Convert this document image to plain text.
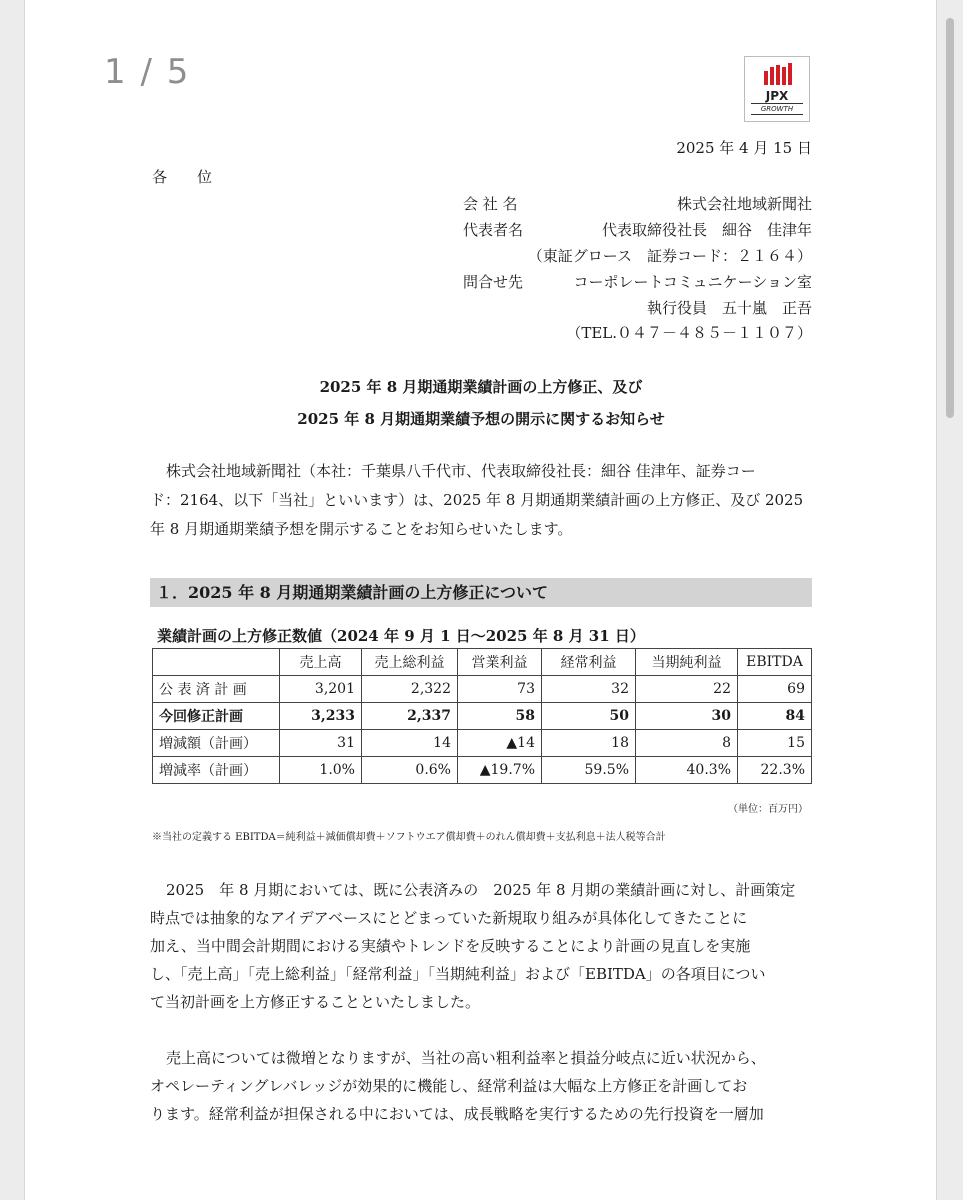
1 / 5
JPX
GROWTH
2025 年 4 月 15 日
各　　位
会 社 名	株式会社地域新聞社
代表者名	代表取締役社長　細谷　佳津年
（東証グロース　証券コード：２１６４）
問合せ先	コーポレートコミュニケーション室
執行役員　五十嵐　正吾
（TEL.０４７－４８５－１１０７）
2025 年 8 月期通期業績計画の上方修正、及び
2025 年 8 月期通期業績予想の開示に関するお知らせ
株式会社地域新聞社（本社：千葉県八千代市、代表取締役社長：細谷 佳津年、証券コー
ド：2164、以下「当社」といいます）は、2025 年 8 月期通期業績計画の上方修正、及び 2025
年 8 月期通期業績予想を開示することをお知らせいたします。
１．2025 年 8 月期通期業績計画の上方修正について
業績計画の上方修正数値（2024 年 9 月 1 日～2025 年 8 月 31 日）
	売上高	売上総利益	営業利益	経常利益	当期純利益	EBITDA
公 表 済 計 画	3,201	2,322	73	32	22	69
今回修正計画	3,233	2,337	58	50	30	84
増減額（計画）	31	14	▲14	18	8	15
増減率（計画）	1.0%	0.6%	▲19.7%	59.5%	40.3%	22.3%
（単位：百万円）
※当社の定義する EBITDA＝純利益＋減価償却費＋ソフトウエア償却費＋のれん償却費＋支払利息＋法人税等合計
2025　年 8 月期においては、既に公表済みの　2025 年 8 月期の業績計画に対し、計画策定
時点では抽象的なアイデアベースにとどまっていた新規取り組みが具体化してきたことに
加え、当中間会計期間における実績やトレンドを反映することにより計画の見直しを実施
し、「売上高」「売上総利益」「経常利益」「当期純利益」および「EBITDA」の各項目につい
て当初計画を上方修正することといたしました。
売上高については微増となりますが、当社の高い粗利益率と損益分岐点に近い状況から、
オペレーティングレバレッジが効果的に機能し、経常利益は大幅な上方修正を計画してお
ります。経常利益が担保される中においては、成長戦略を実行するための先行投資を一層加
